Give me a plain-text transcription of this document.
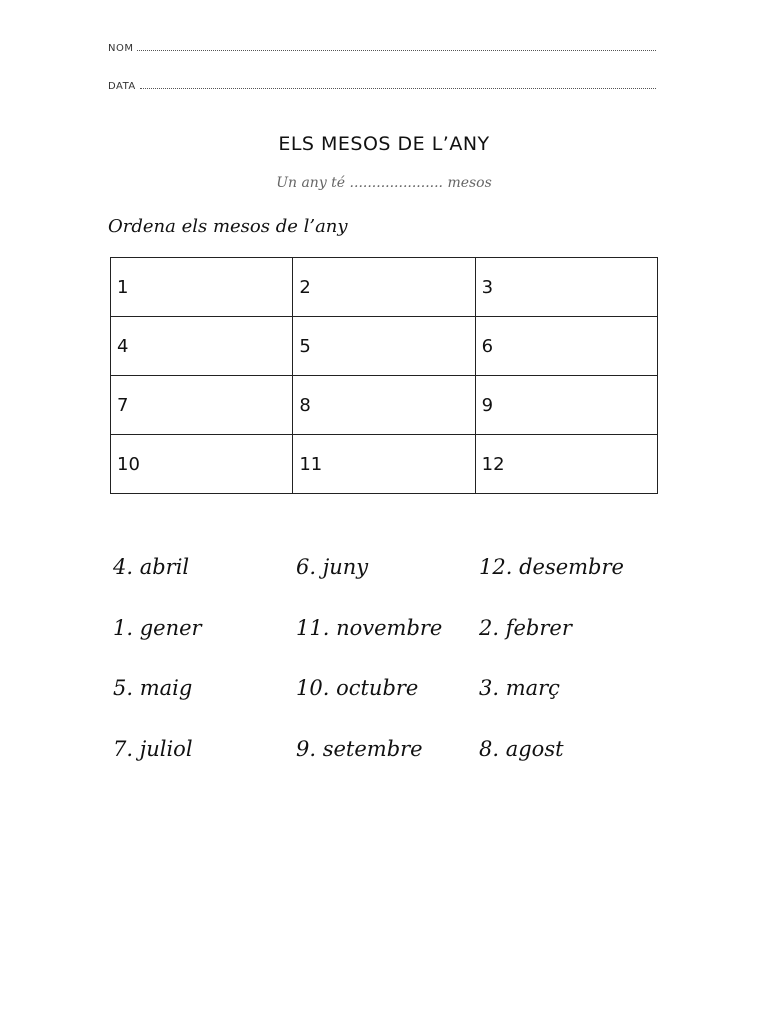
NOM
DATA
ELS MESOS DE L’ANY
Un any té ..................... mesos
Ordena els mesos de l’any
1	2	3
4	5	6
7	8	9
10	11	12
4. abril	6. juny	12. desembre
1. gener	11. novembre	2. febrer
5. maig	10. octubre	3. març
7. juliol	9. setembre	8. agost
